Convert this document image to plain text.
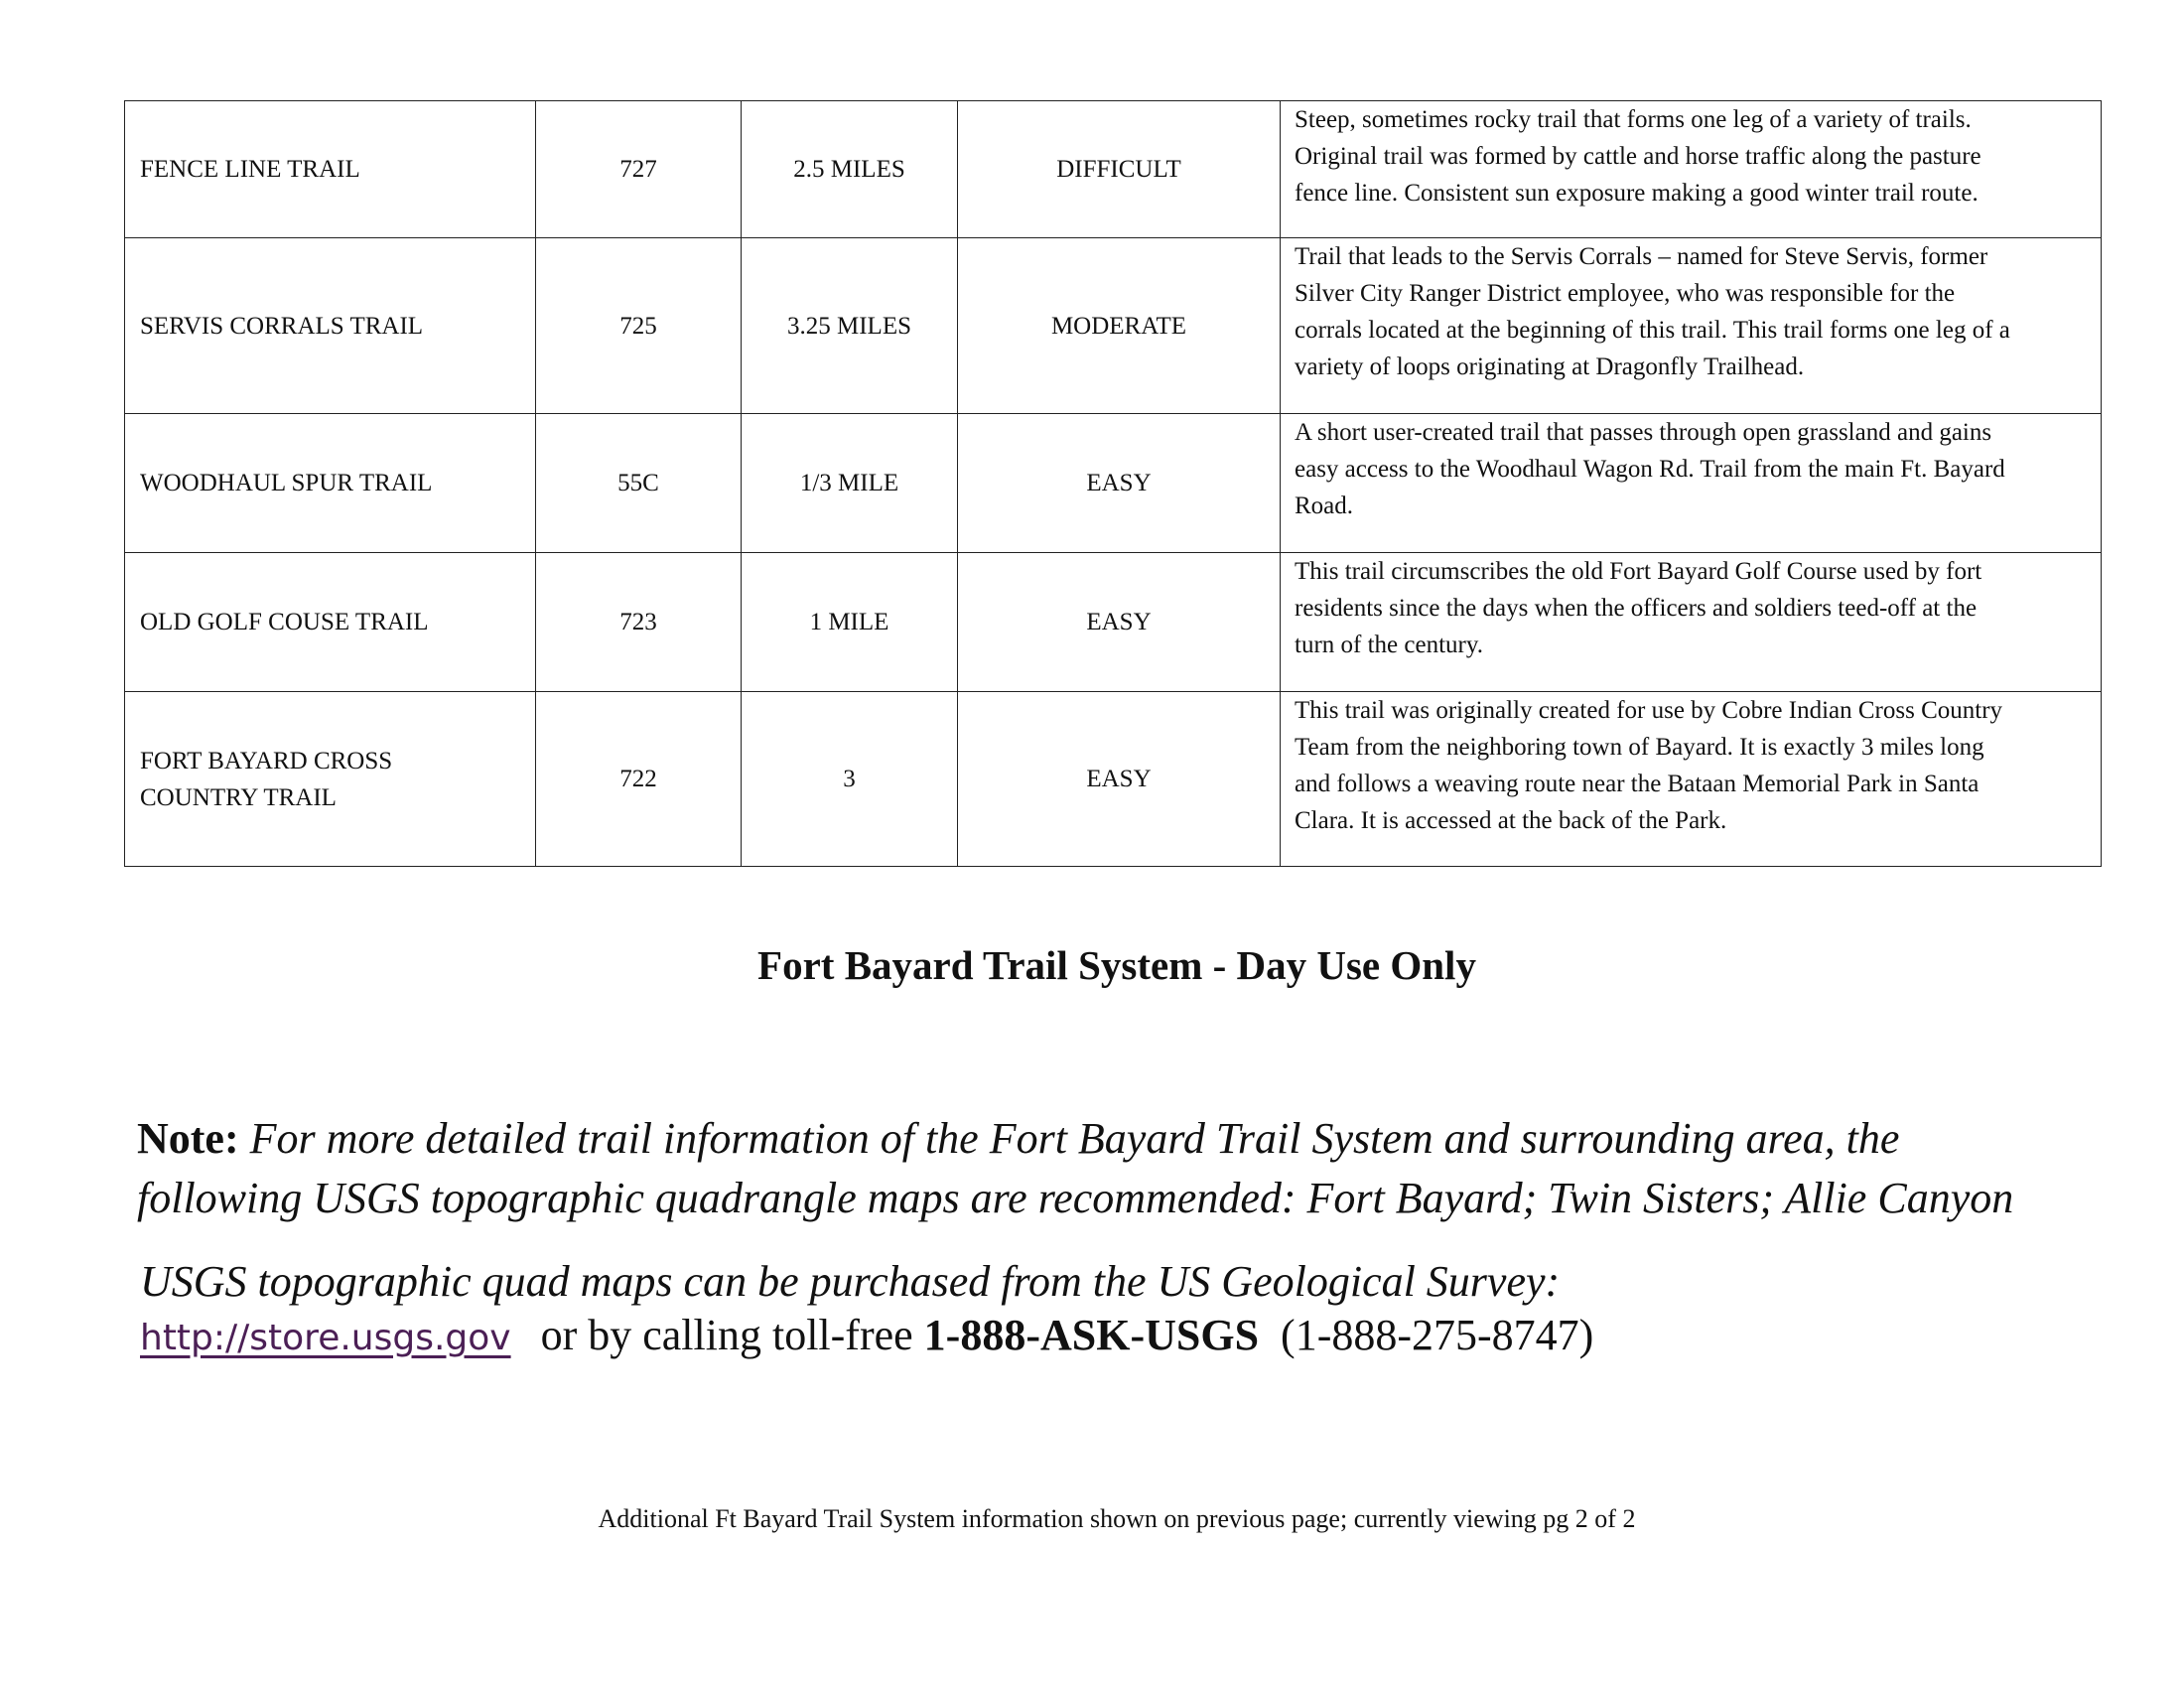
FENCE LINE TRAIL	727	2.5 MILES	DIFFICULT	Steep, sometimes rocky trail that forms one leg of a variety of trails.
Original trail was formed by cattle and horse traffic along the pasture
fence line. Consistent sun exposure making a good winter trail route.
SERVIS CORRALS TRAIL	725	3.25 MILES	MODERATE	Trail that leads to the Servis Corrals – named for Steve Servis, former
Silver City Ranger District employee, who was responsible for the
corrals located at the beginning of this trail. This trail forms one leg of a
variety of loops originating at Dragonfly Trailhead.
WOODHAUL SPUR TRAIL	55C	1/3 MILE	EASY	A short user-created trail that passes through open grassland and gains
easy access to the Woodhaul Wagon Rd. Trail from the main Ft. Bayard
Road.
OLD GOLF COUSE TRAIL	723	1 MILE	EASY	This trail circumscribes the old Fort Bayard Golf Course used by fort
residents since the days when the officers and soldiers teed-off at the
turn of the century.
FORT BAYARD CROSS
COUNTRY TRAIL	722	3	EASY	This trail was originally created for use by Cobre Indian Cross Country
Team from the neighboring town of Bayard. It is exactly 3 miles long
and follows a weaving route near the Bataan Memorial Park in Santa
Clara. It is accessed at the back of the Park.
Fort Bayard Trail System - Day Use Only
Note: For more detailed trail information of the Fort Bayard Trail System and surrounding area, the
following USGS topographic quadrangle maps are recommended: Fort Bayard; Twin Sisters; Allie Canyon
USGS topographic quad maps can be purchased from the US Geological Survey:
http://store.usgs.gov or by calling toll-free 1-888-ASK-USGS (1-888-275-8747)
Additional Ft Bayard Trail System information shown on previous page; currently viewing pg 2 of 2
